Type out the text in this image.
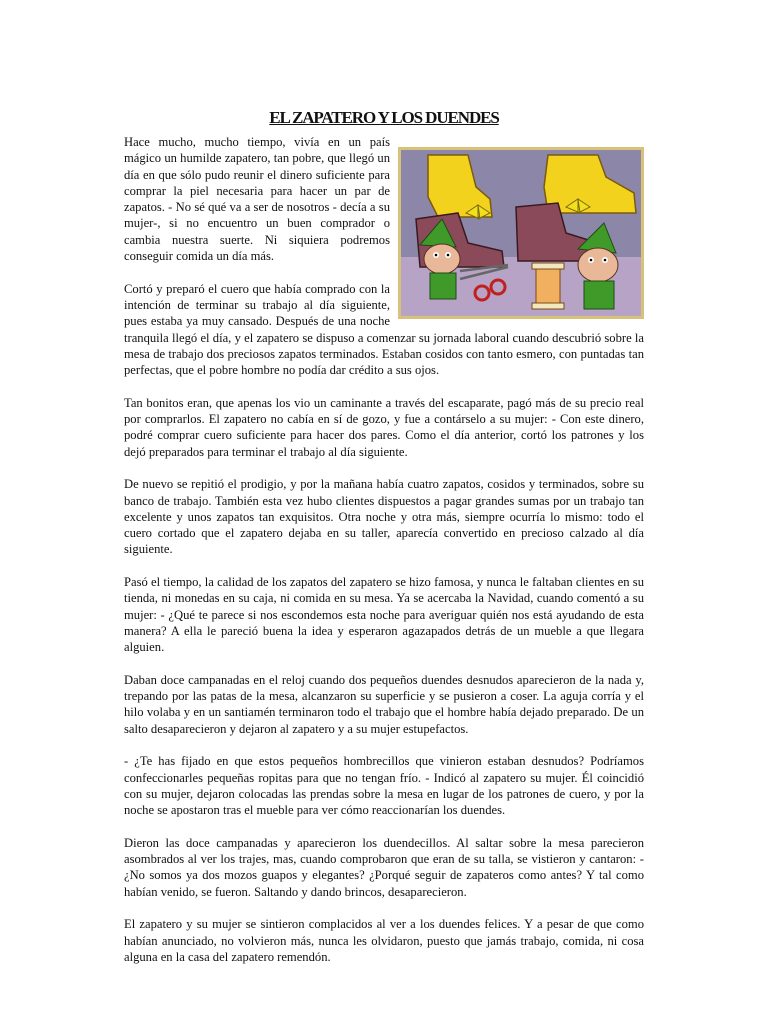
EL ZAPATERO Y LOS DUENDES

Hace mucho, mucho tiempo, vivía en un país mágico un humilde zapatero, tan pobre, que llegó un día en que sólo pudo reunir el dinero suficiente para comprar la piel necesaria para hacer un par de zapatos. - No sé qué va a ser de nosotros - decía a su mujer-, si no encuentro un buen comprador o cambia nuestra suerte. Ni siquiera podremos conseguir comida un día más.

Cortó y preparó el cuero que había comprado con la intención de terminar su trabajo al día siguiente, pues estaba ya muy cansado. Después de una noche tranquila llegó el día, y el zapatero se dispuso a comenzar su jornada laboral cuando descubrió sobre la mesa de trabajo dos preciosos zapatos terminados. Estaban cosidos con tanto esmero, con puntadas tan perfectas, que el pobre hombre no podía dar crédito a sus ojos.

Tan bonitos eran, que apenas los vio un caminante a través del escaparate, pagó más de su precio real por comprarlos. El zapatero no cabía en sí de gozo, y fue a contárselo a su mujer: - Con este dinero, podré comprar cuero suficiente para hacer dos pares. Como el día anterior, cortó los patrones y los dejó preparados para terminar el trabajo al día siguiente.

De nuevo se repitió el prodigio, y por la mañana había cuatro zapatos, cosidos y terminados, sobre su banco de trabajo. También esta vez hubo clientes dispuestos a pagar grandes sumas por un trabajo tan excelente y unos zapatos tan exquisitos. Otra noche y otra más, siempre ocurría lo mismo: todo el cuero cortado que el zapatero dejaba en su taller, aparecía convertido en precioso calzado al día siguiente.

Pasó el tiempo, la calidad de los zapatos del zapatero se hizo famosa, y nunca le faltaban clientes en su tienda, ni monedas en su caja, ni comida en su mesa. Ya se acercaba la Navidad, cuando comentó a su mujer: - ¿Qué te parece si nos escondemos esta noche para averiguar quién nos está ayudando de esta manera? A ella le pareció buena la idea y esperaron agazapados detrás de un mueble a que llegara alguien.

Daban doce campanadas en el reloj cuando dos pequeños duendes desnudos aparecieron de la nada y, trepando por las patas de la mesa, alcanzaron su superficie y se pusieron a coser. La aguja corría y el hilo volaba y en un santiamén terminaron todo el trabajo que el hombre había dejado preparado. De un salto desaparecieron y dejaron al zapatero y a su mujer estupefactos.

- ¿Te has fijado en que estos pequeños hombrecillos que vinieron estaban desnudos? Podríamos confeccionarles pequeñas ropitas para que no tengan frío. - Indicó al zapatero su mujer. Él coincidió con su mujer, dejaron colocadas las prendas sobre la mesa en lugar de los patrones de cuero, y por la noche se apostaron tras el mueble para ver cómo reaccionarían los duendes.

Dieron las doce campanadas y aparecieron los duendecillos. Al saltar sobre la mesa parecieron asombrados al ver los trajes, mas, cuando comprobaron que eran de su talla, se vistieron y cantaron: - ¿No somos ya dos mozos guapos y elegantes? ¿Porqué seguir de zapateros como antes? Y tal como habían venido, se fueron. Saltando y dando brincos, desaparecieron.

El zapatero y su mujer se sintieron complacidos al ver a los duendes felices. Y a pesar de que como habían anunciado, no volvieron más, nunca les olvidaron, puesto que jamás trabajo, comida, ni cosa alguna en la casa del zapatero remendón.
